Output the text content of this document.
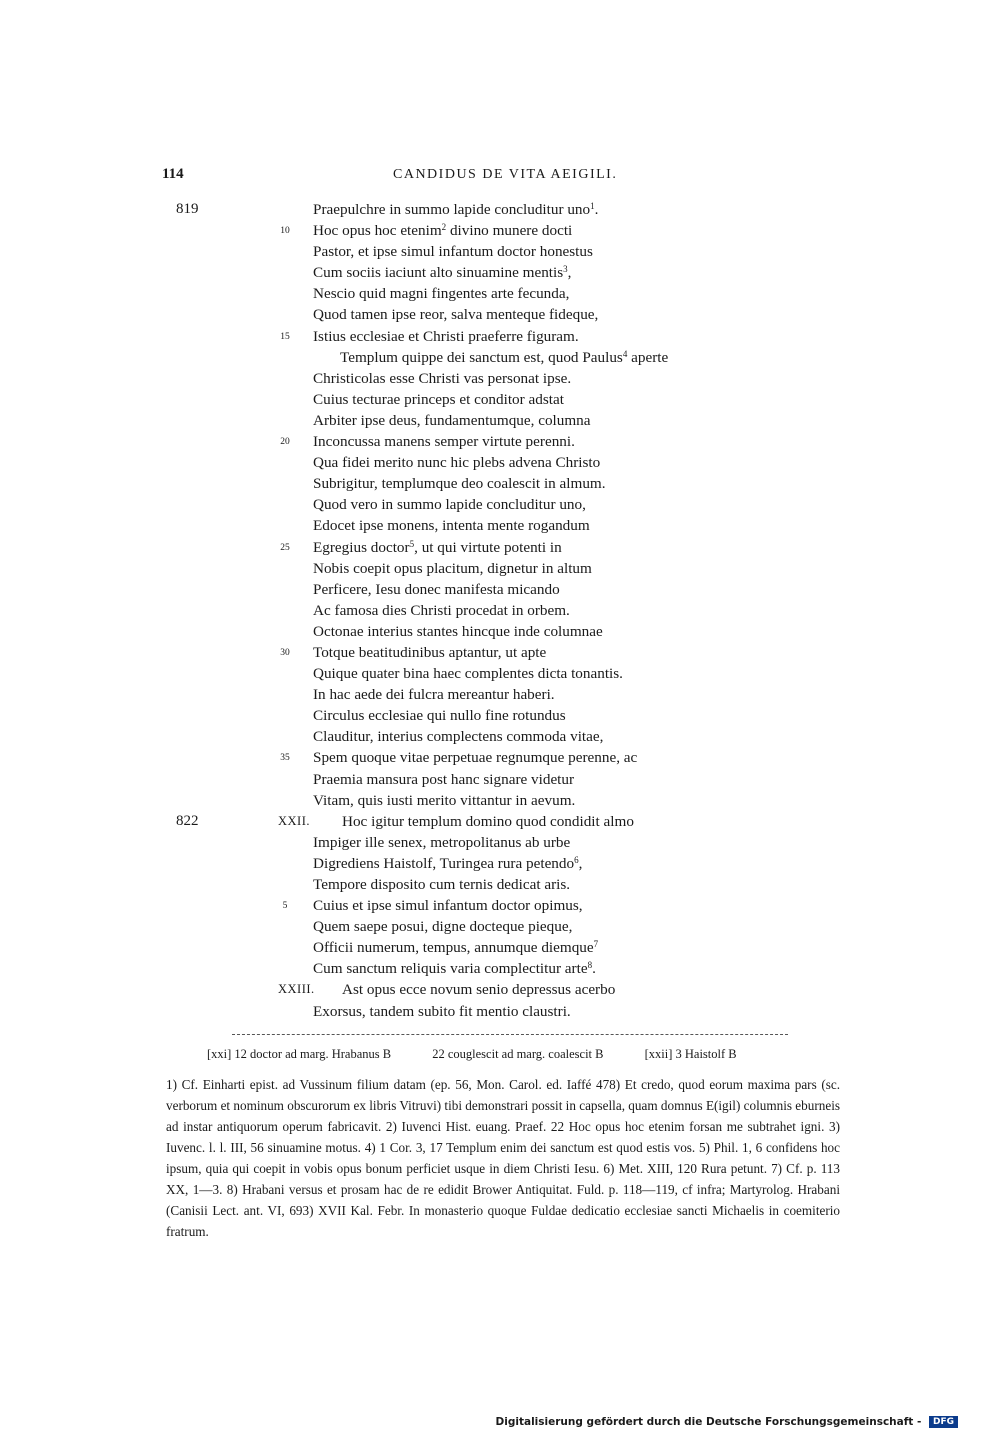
114	CANDIDUS DE VITA AEIGILI.
819	Praepulchre in summo lapide concluditur uno$^1$.
10 Hoc opus hoc etenim$^2$ divino munere docti
Pastor, et ipse simul infantum doctor honestus
Cum sociis iaciunt alto sinuamine mentis$^3$,
Nescio quid magni fingentes arte fecunda,
Quod tamen ipse reor, salva menteque fideque,
15 Istius ecclesiae et Christi praeferre figuram.
Templum quippe dei sanctum est, quod Paulus$^4$ aperte
Christicolas esse Christi vas personat ipse.
Cuius tecturae princeps et conditor adstat
Arbiter ipse deus, fundamentumque, columna
20 Inconcussa manens semper virtute perenni.
Qua fidei merito nunc hic plebs advena Christo
Subrigitur, templumque deo coalescit in almum.
Quod vero in summo lapide concluditur uno,
Edocet ipse monens, intenta mente rogandum
25 Egregius doctor$^5$, ut qui virtute potenti in
Nobis coepit opus placitum, dignetur in altum
Perficere, Iesu donec manifesta micando
Ac famosa dies Christi procedat in orbem.
Octonae interius stantes hincque inde columnae
30 Totque beatitudinibus aptantur, ut apte
Quique quater bina haec complentes dicta tonantis.
In hac aede dei fulcra mereantur haberi.
Circulus ecclesiae qui nullo fine rotundus
Clauditur, interius complectens commoda vitae,
35 Spem quoque vitae perpetuae regnumque perenne, ac
Praemia mansura post hanc signare videtur
Vitam, quis iusti merito vittantur in aevum.
822	XXII. Hoc igitur templum domino quod condidit almo
Impiger ille senex, metropolitanus ab urbe
Digrediens Haistolf, Turingea rura petendo$^6$,
Tempore disposito cum ternis dedicat aris.
5	Cuius et ipse simul infantum doctor opimus,
Quem saepe posui, digne docteque pieque,
Officii numerum, tempus, annumque diemque$^7$
Cum sanctum reliquis varia complectitur arte$^8$.
XXIII. Ast opus ecce novum senio depressus acerbo
Exorsus, tandem subito fit mentio claustri.
[xxi] 12 doctor ad marg. Hrabanus B	22 couglescit ad marg. coalescit B	[xxii] 3 Haistolf B

1) Cf. Einharti epist. ad Vussinum filium datam (ep. 56, Mon. Carol. ed. Iaffé 478) Et credo, quod eorum maxima pars (sc. verborum et nominum obscurorum ex libris Vitruvi) tibi demonstrari possit in capsella, quam domnus E(igil) columnis eburneis ad instar antiquorum operum fabricavit. 2) Iuvenci Hist. euang. Praef. 22 Hoc opus hoc etenim forsan me subtrahet igni. 3) Iuvenc. l. l. III, 56 sinuamine motus. 4) 1 Cor. 3, 17 Templum enim dei sanctum est quod estis vos. 5) Phil. 1, 6 confidens hoc ipsum, quia qui coepit in vobis opus bonum perficiet usque in diem Christi Iesu. 6) Met. XIII, 120 Rura petunt. 7) Cf. p. 113 XX, 1—3. 8) Hrabani versus et prosam hac de re edidit Brower Antiquitat. Fuld. p. 118—119, cf infra; Martyrolog. Hrabani (Canisii Lect. ant. VI, 693) XVII Kal. Febr. In monasterio quoque Fuldae dedicatio ecclesiae sancti Michaelis in coemiterio fratrum.

Digitalisierung gefördert durch die Deutsche Forschungsgemeinschaft - DFG
